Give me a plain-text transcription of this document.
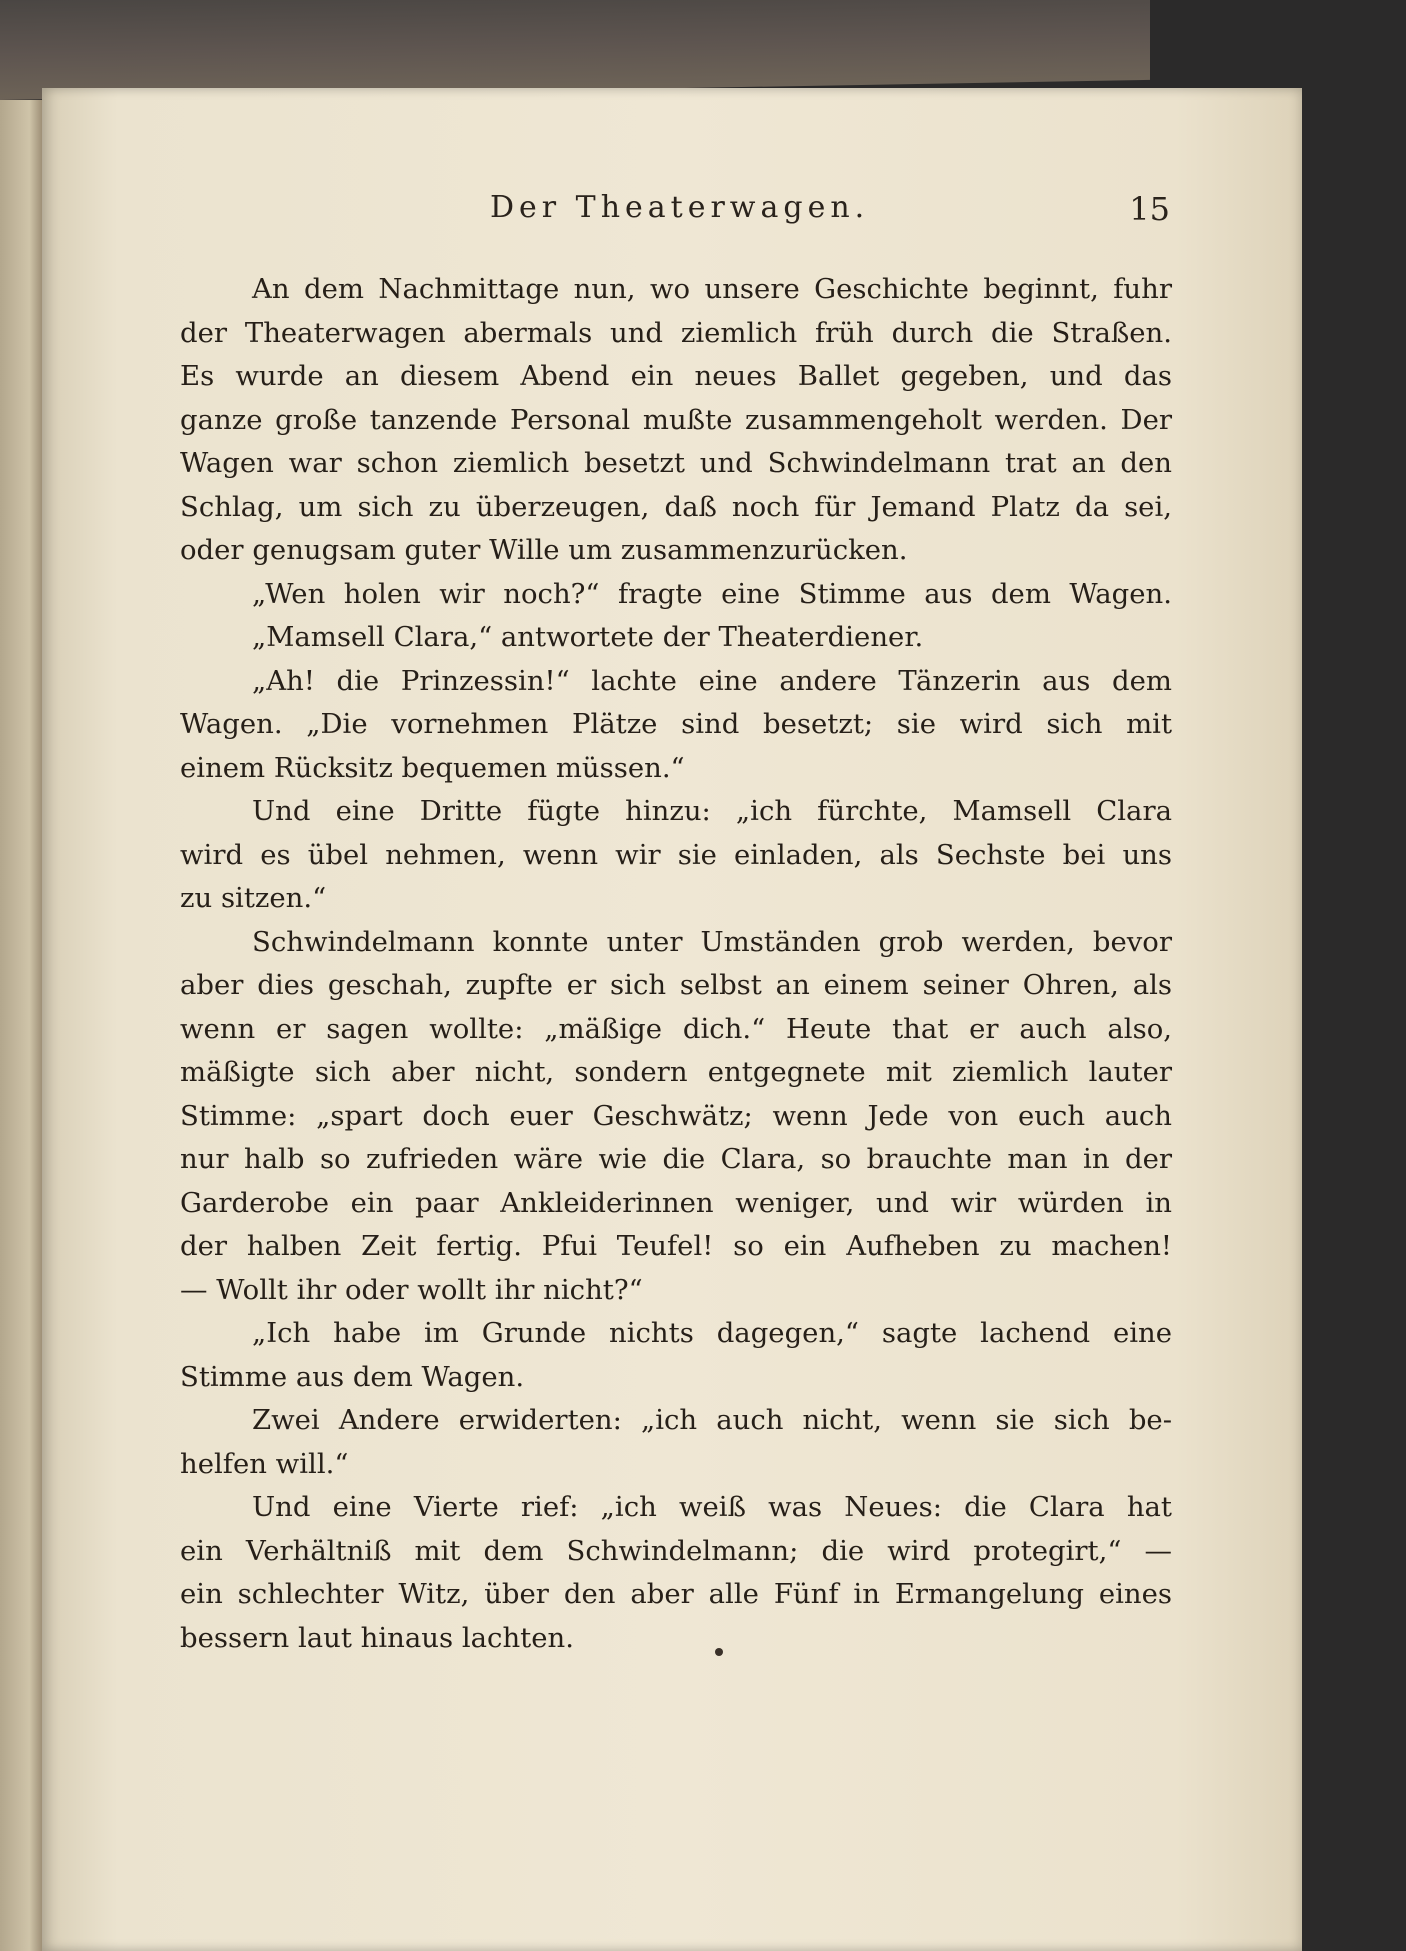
Der Theaterwagen.	15
An dem Nachmittage nun, wo unsere Geschichte beginnt, fuhr
der Theaterwagen abermals und ziemlich früh durch die Straßen.
Es wurde an diesem Abend ein neues Ballet gegeben, und das
ganze große tanzende Personal mußte zusammengeholt werden. Der
Wagen war schon ziemlich besetzt und Schwindelmann trat an den
Schlag, um sich zu überzeugen, daß noch für Jemand Platz da sei,
oder genugsam guter Wille um zusammenzurücken.
„Wen holen wir noch?“ fragte eine Stimme aus dem Wagen.
„Mamsell Clara,“ antwortete der Theaterdiener.
„Ah! die Prinzessin!“ lachte eine andere Tänzerin aus dem
Wagen. „Die vornehmen Plätze sind besetzt; sie wird sich mit
einem Rücksitz bequemen müssen.“
Und eine Dritte fügte hinzu: „ich fürchte, Mamsell Clara
wird es übel nehmen, wenn wir sie einladen, als Sechste bei uns
zu sitzen.“
Schwindelmann konnte unter Umständen grob werden, bevor
aber dies geschah, zupfte er sich selbst an einem seiner Ohren, als
wenn er sagen wollte: „mäßige dich.“ Heute that er auch also,
mäßigte sich aber nicht, sondern entgegnete mit ziemlich lauter
Stimme: „spart doch euer Geschwätz; wenn Jede von euch auch
nur halb so zufrieden wäre wie die Clara, so brauchte man in der
Garderobe ein paar Ankleiderinnen weniger, und wir würden in
der halben Zeit fertig. Pfui Teufel! so ein Aufheben zu machen!
— Wollt ihr oder wollt ihr nicht?“
„Ich habe im Grunde nichts dagegen,“ sagte lachend eine
Stimme aus dem Wagen.
Zwei Andere erwiderten: „ich auch nicht, wenn sie sich be-
helfen will.“
Und eine Vierte rief: „ich weiß was Neues: die Clara hat
ein Verhältniß mit dem Schwindelmann; die wird protegirt,“ —
ein schlechter Witz, über den aber alle Fünf in Ermangelung eines
bessern laut hinaus lachten.
